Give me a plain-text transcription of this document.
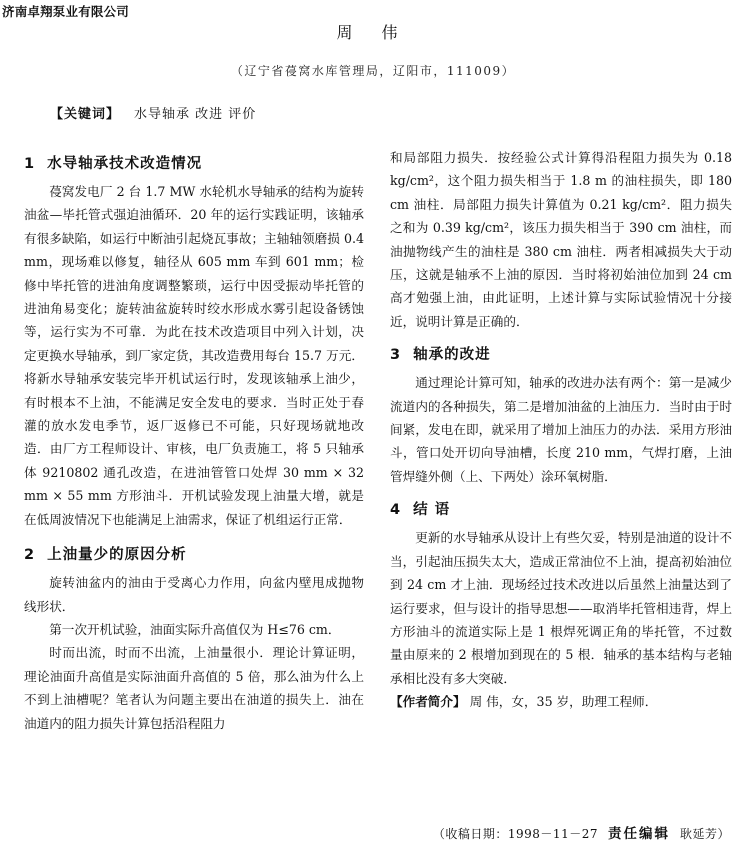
济南卓翔泵业有限公司
周 伟
（辽宁省葠窝水库管理局，辽阳市，111009）
【关键词】 水导轴承 改进 评价
1 水导轴承技术改造情况

葠窝发电厂 2 台 1.7 MW 水轮机水导轴承的结构为旋转油盆—毕托管式强迫油循环．20 年的运行实践证明，该轴承有很多缺陷，如运行中断油引起烧瓦事故；主轴轴领磨损 0.4 mm，现场难以修复，轴径从 605 mm 车到 601 mm；检修中毕托管的进油角度调整繁琐，运行中因受振动毕托管的进油角易变化；旋转油盆旋转时绞水形成水雾引起设备锈蚀等，运行实为不可靠．为此在技术改造项目中列入计划，决定更换水导轴承，到厂家定货，其改造费用每台 15.7 万元．将新水导轴承安装完毕开机试运行时，发现该轴承上油少，有时根本不上油，不能满足安全发电的要求．当时正处于春灌的放水发电季节，返厂返修已不可能，只好现场就地改造．由厂方工程师设计、审核，电厂负责施工，将 5 只轴承体 9210802 通孔改造，在进油管管口处焊 30 mm × 32 mm × 55 mm 方形油斗．开机试验发现上油量大增，就是在低周波情况下也能满足上油需求，保证了机组运行正常．

2 上油量少的原因分析

旋转油盆内的油由于受离心力作用，向盆内壁甩成抛物线形状．

第一次开机试验，油面实际升高值仅为 H≤76 cm．

时而出流，时而不出流，上油量很小．理论计算证明，理论油面升高值是实际油面升高值的 5 倍，那么油为什么上不到上油槽呢？笔者认为问题主要出在油道的损失上．油在油道内的阻力损失计算包括沿程阻力

和局部阻力损失．按经验公式计算得沿程阻力损失为 0.18 kg/cm²，这个阻力损失相当于 1.8 m 的油柱损失，即 180 cm 油柱．局部阻力损失计算值为 0.21 kg/cm²．阻力损失之和为 0.39 kg/cm²，该压力损失相当于 390 cm 油柱，而油抛物线产生的油柱是 380 cm 油柱．两者相减损失大于动压，这就是轴承不上油的原因．当时将初始油位加到 24 cm 高才勉强上油，由此证明，上述计算与实际试验情况十分接近，说明计算是正确的．

3 轴承的改进

通过理论计算可知，轴承的改进办法有两个：第一是减少流道内的各种损失，第二是增加油盆的上油压力．当时由于时间紧，发电在即，就采用了增加上油压力的办法．采用方形油斗，管口处开切向导油槽，长度 210 mm，气焊打磨，上油管焊缝外侧（上、下两处）涂环氧树脂．

4 结 语

更新的水导轴承从设计上有些欠妥，特别是油道的设计不当，引起油压损失太大，造成正常油位不上油，提高初始油位到 24 cm 才上油．现场经过技术改进以后虽然上油量达到了运行要求，但与设计的指导思想——取消毕托管相违背，焊上方形油斗的流道实际上是 1 根焊死调正角的毕托管，不过数量由原来的 2 根增加到现在的 5 根．轴承的基本结构与老轴承相比没有多大突破．

【作者简介】 周 伟，女，35 岁，助理工程师．

（收稿日期：1998－11－27 责任编辑 耿延芳）
